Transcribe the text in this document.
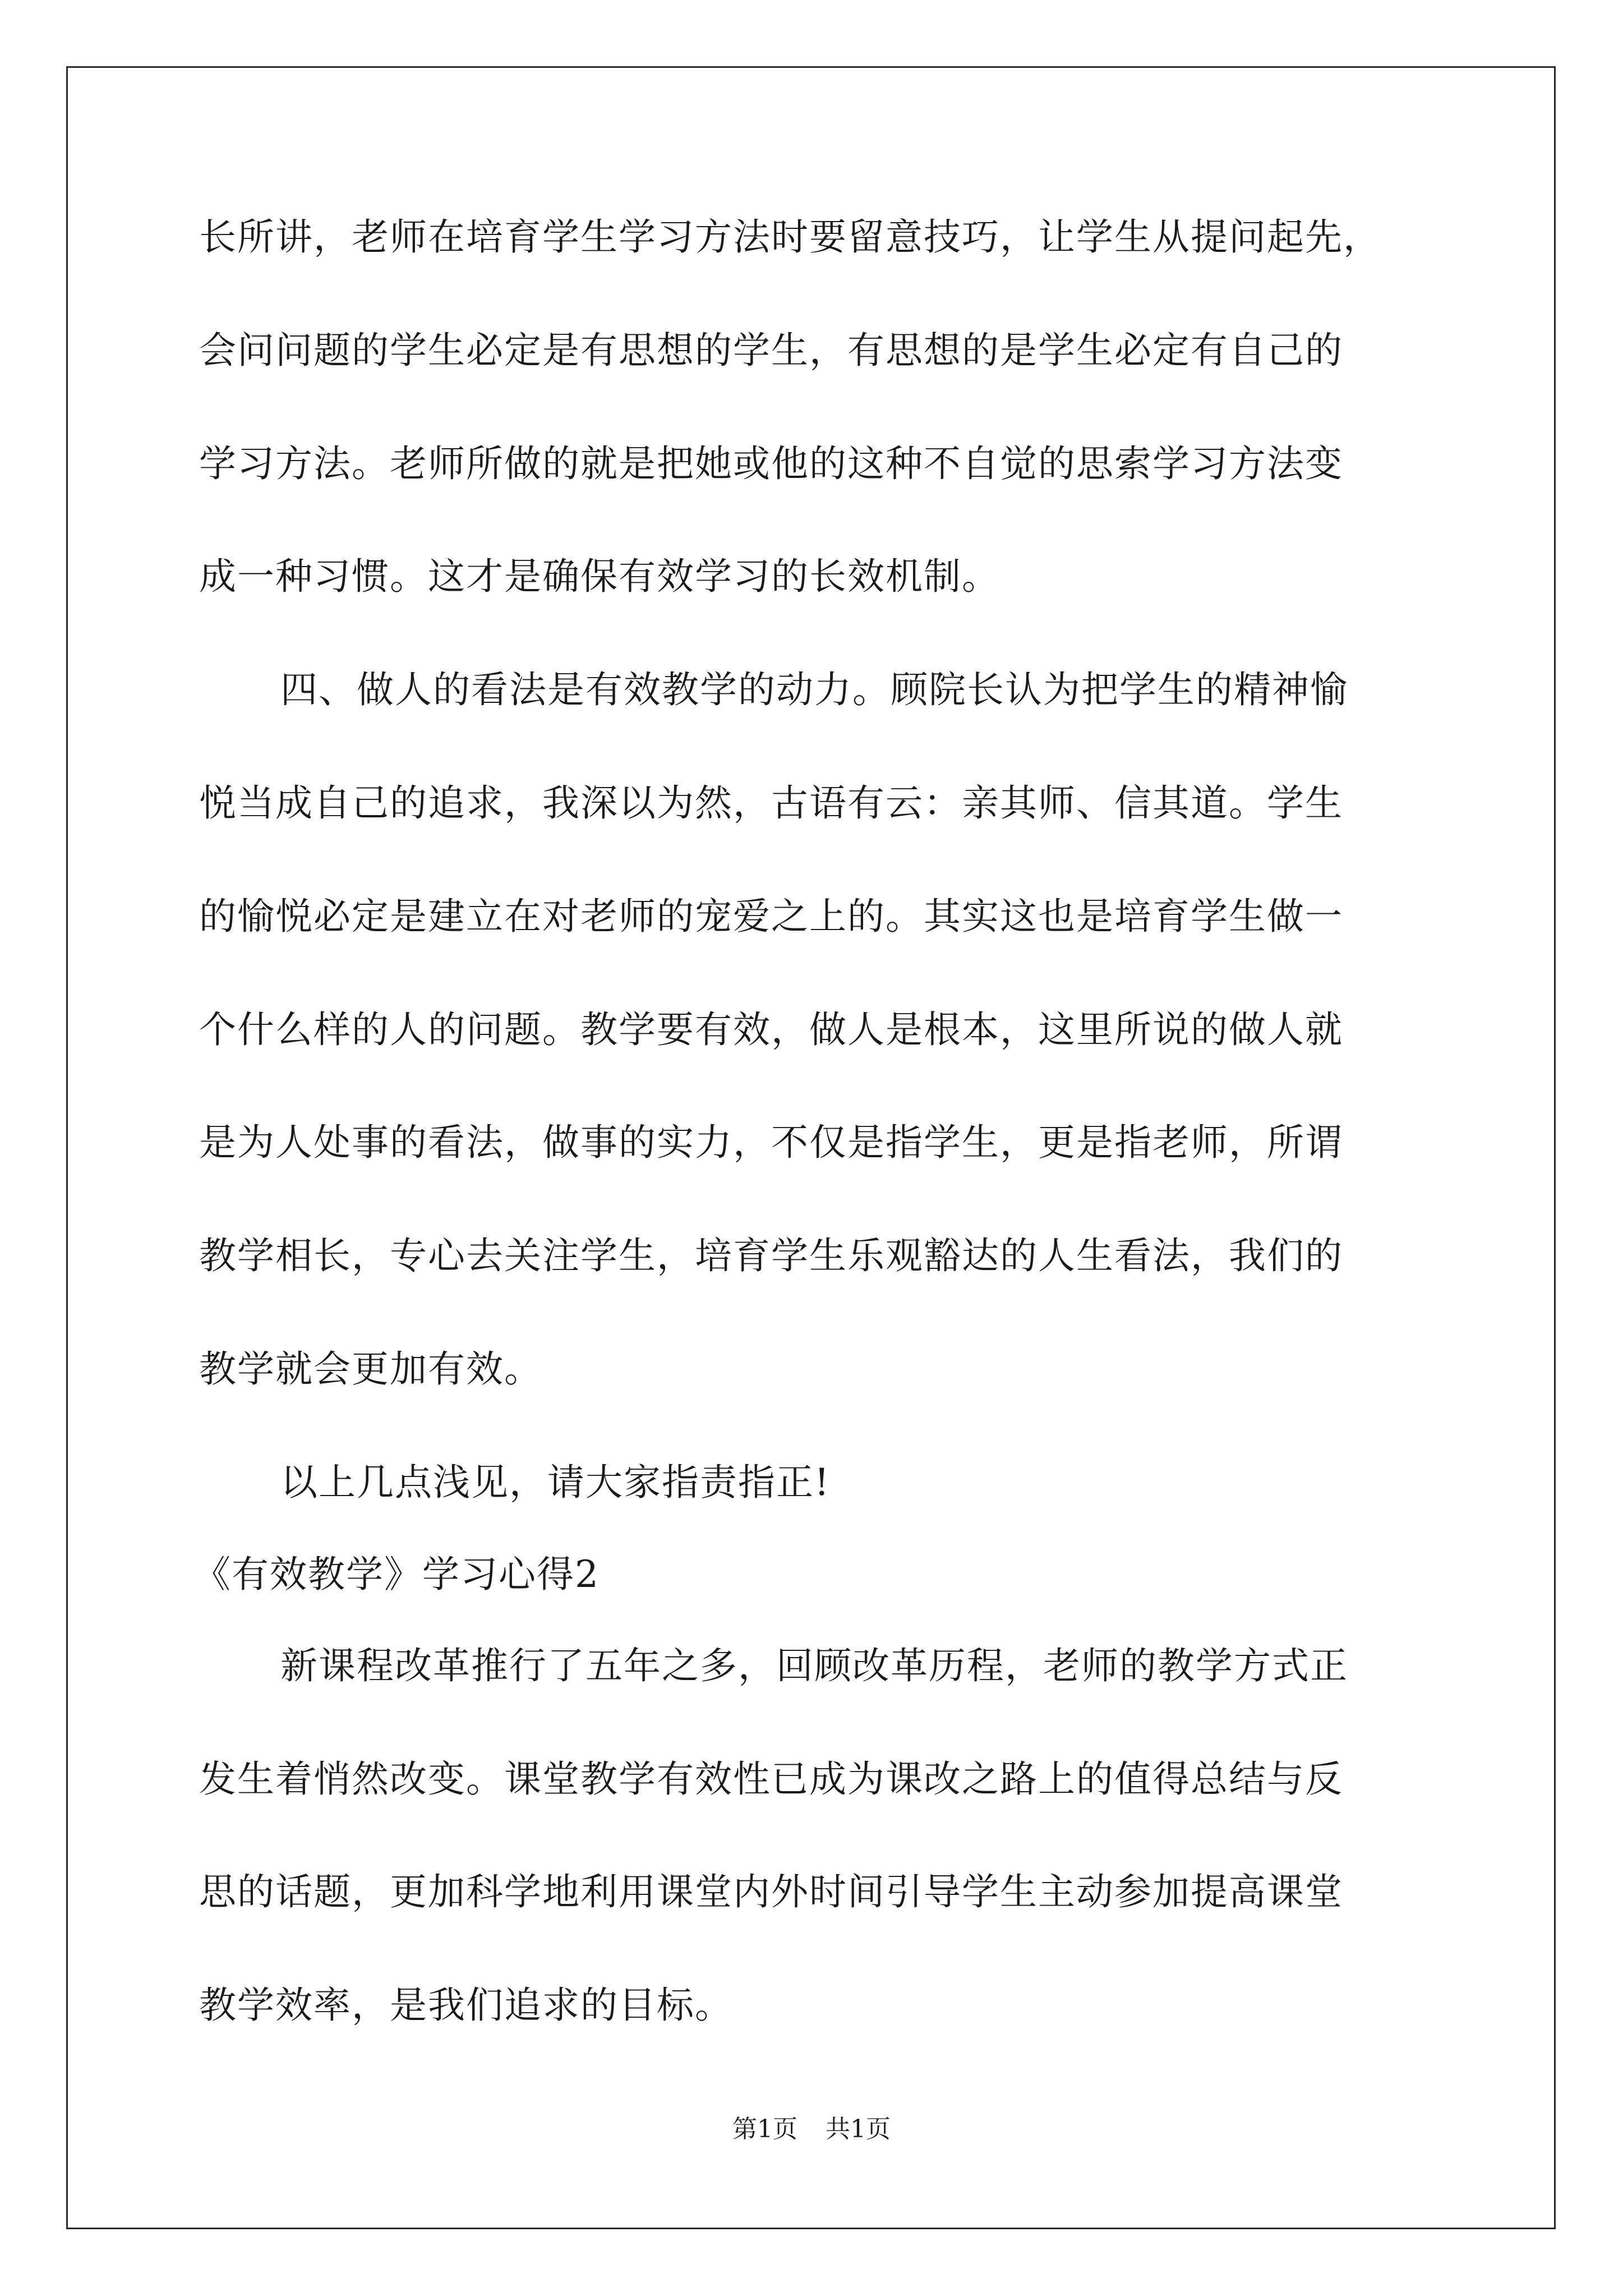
长所讲，老师在培育学生学习方法时要留意技巧，让学生从提问起先，
会问问题的学生必定是有思想的学生，有思想的是学生必定有自己的
学习方法。老师所做的就是把她或他的这种不自觉的思索学习方法变
成一种习惯。这才是确保有效学习的长效机制。
四、做人的看法是有效教学的动力。顾院长认为把学生的精神愉
悦当成自己的追求，我深以为然，古语有云：亲其师、信其道。学生
的愉悦必定是建立在对老师的宠爱之上的。其实这也是培育学生做一
个什么样的人的问题。教学要有效，做人是根本，这里所说的做人就
是为人处事的看法，做事的实力，不仅是指学生，更是指老师，所谓
教学相长，专心去关注学生，培育学生乐观豁达的人生看法，我们的
教学就会更加有效。
以上几点浅见，请大家指责指正!
《有效教学》学习心得2
新课程改革推行了五年之多，回顾改革历程，老师的教学方式正
发生着悄然改变。课堂教学有效性已成为课改之路上的值得总结与反
思的话题，更加科学地利用课堂内外时间引导学生主动参加提高课堂
教学效率，是我们追求的目标。
第1页 共1页
